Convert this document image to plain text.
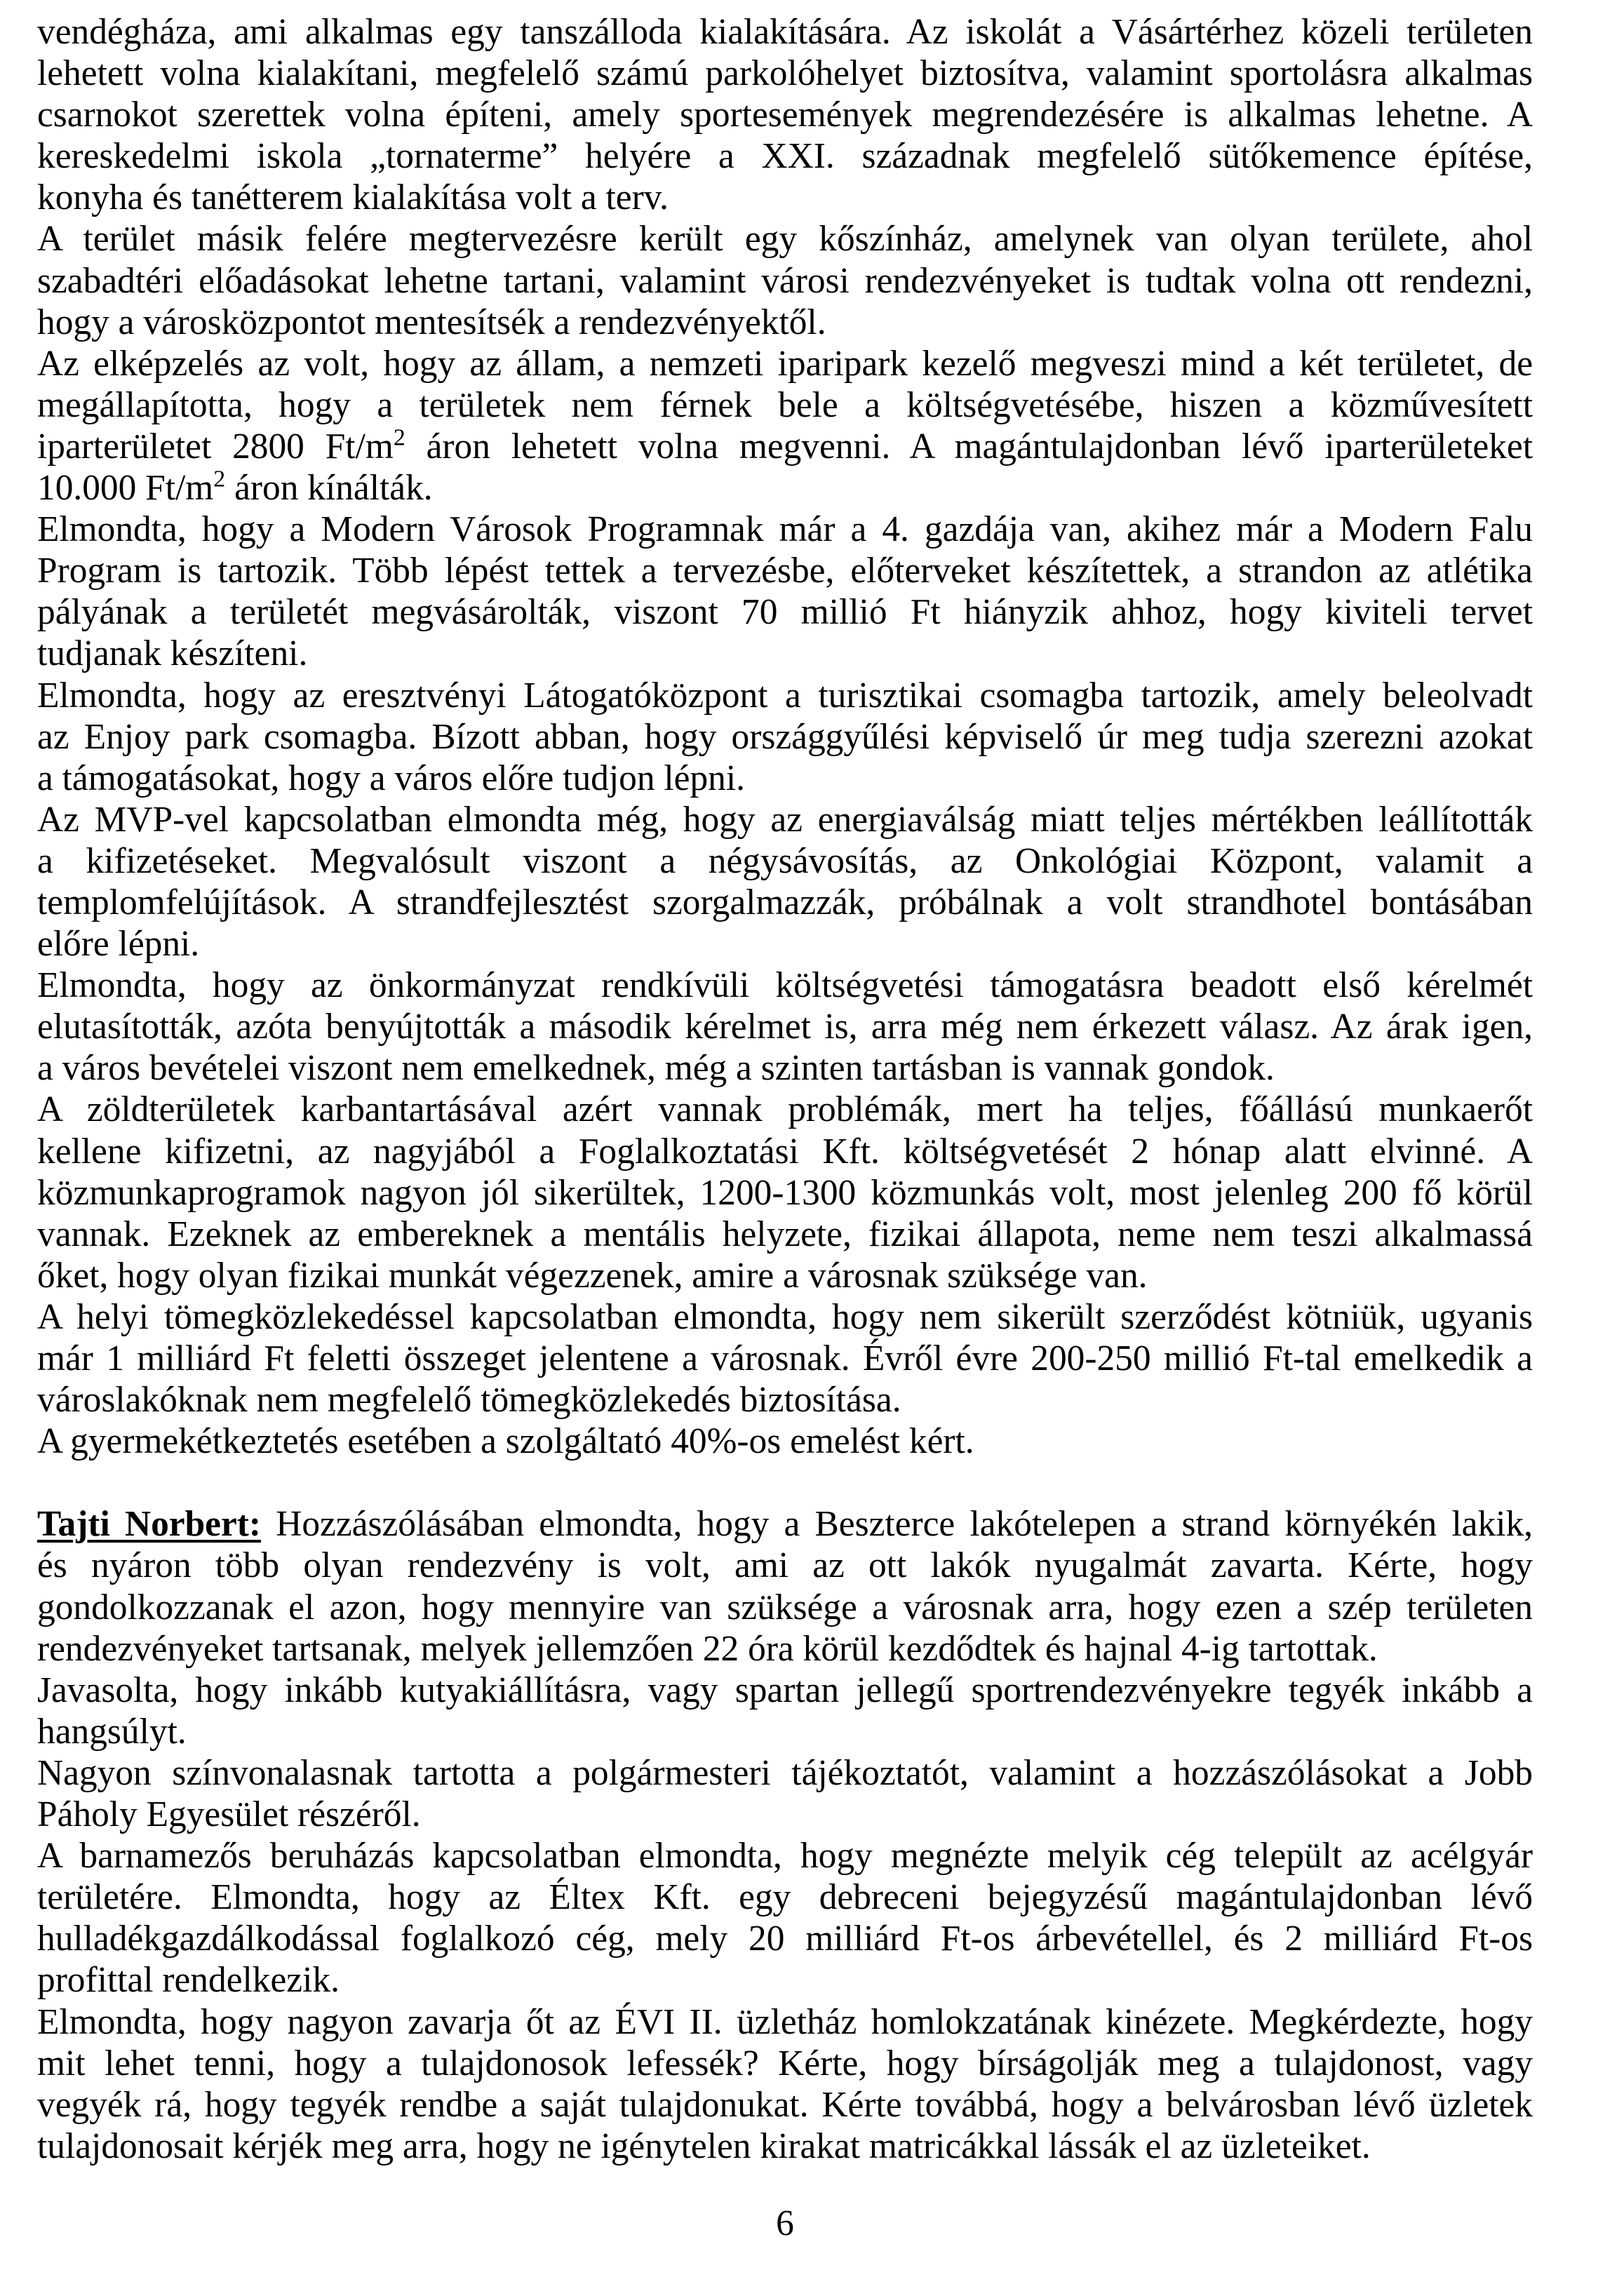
vendégháza, ami alkalmas egy tanszálloda kialakítására. Az iskolát a Vásártérhez közeli területen
lehetett volna kialakítani, megfelelő számú parkolóhelyet biztosítva, valamint sportolásra alkalmas
csarnokot szerettek volna építeni, amely sportesemények megrendezésére is alkalmas lehetne. A
kereskedelmi iskola „tornaterme” helyére a XXI. századnak megfelelő sütőkemence építése,
konyha és tanétterem kialakítása volt a terv.
A terület másik felére megtervezésre került egy kőszínház, amelynek van olyan területe, ahol
szabadtéri előadásokat lehetne tartani, valamint városi rendezvényeket is tudtak volna ott rendezni,
hogy a városközpontot mentesítsék a rendezvényektől.
Az elképzelés az volt, hogy az állam, a nemzeti iparipark kezelő megveszi mind a két területet, de
megállapította, hogy a területek nem férnek bele a költségvetésébe, hiszen a közművesített
iparterületet 2800 $Ft/m^2$ áron lehetett volna megvenni. A magántulajdonban lévő iparterületeket
10.000 $Ft/m^2$ áron kínálták.
Elmondta, hogy a Modern Városok Programnak már a 4. gazdája van, akihez már a Modern Falu
Program is tartozik. Több lépést tettek a tervezésbe, előterveket készítettek, a strandon az atlétika
pályának a területét megvásárolták, viszont 70 millió Ft hiányzik ahhoz, hogy kiviteli tervet
tudjanak készíteni.
Elmondta, hogy az eresztvényi Látogatóközpont a turisztikai csomagba tartozik, amely beleolvadt
az Enjoy park csomagba. Bízott abban, hogy országgyűlési képviselő úr meg tudja szerezni azokat
a támogatásokat, hogy a város előre tudjon lépni.
Az MVP-vel kapcsolatban elmondta még, hogy az energiaválság miatt teljes mértékben leállították
a kifizetéseket. Megvalósult viszont a négysávosítás, az Onkológiai Központ, valamit a
templomfelújítások. A strandfejlesztést szorgalmazzák, próbálnak a volt strandhotel bontásában
előre lépni.
Elmondta, hogy az önkormányzat rendkívüli költségvetési támogatásra beadott első kérelmét
elutasították, azóta benyújtották a második kérelmet is, arra még nem érkezett válasz. Az árak igen,
a város bevételei viszont nem emelkednek, még a szinten tartásban is vannak gondok.
A zöldterületek karbantartásával azért vannak problémák, mert ha teljes, főállású munkaerőt
kellene kifizetni, az nagyjából a Foglalkoztatási Kft. költségvetését 2 hónap alatt elvinné. A
közmunkaprogramok nagyon jól sikerültek, 1200-1300 közmunkás volt, most jelenleg 200 fő körül
vannak. Ezeknek az embereknek a mentális helyzete, fizikai állapota, neme nem teszi alkalmassá
őket, hogy olyan fizikai munkát végezzenek, amire a városnak szüksége van.
A helyi tömegközlekedéssel kapcsolatban elmondta, hogy nem sikerült szerződést kötniük, ugyanis
már 1 milliárd Ft feletti összeget jelentene a városnak. Évről évre 200-250 millió Ft-tal emelkedik a
városlakóknak nem megfelelő tömegközlekedés biztosítása.
A gyermekétkeztetés esetében a szolgáltató 40%-os emelést kért.
Tajti Norbert: Hozzászólásában elmondta, hogy a Beszterce lakótelepen a strand környékén lakik,
és nyáron több olyan rendezvény is volt, ami az ott lakók nyugalmát zavarta. Kérte, hogy
gondolkozzanak el azon, hogy mennyire van szüksége a városnak arra, hogy ezen a szép területen
rendezvényeket tartsanak, melyek jellemzően 22 óra körül kezdődtek és hajnal 4-ig tartottak.
Javasolta, hogy inkább kutyakiállításra, vagy spartan jellegű sportrendezvényekre tegyék inkább a
hangsúlyt.
Nagyon színvonalasnak tartotta a polgármesteri tájékoztatót, valamint a hozzászólásokat a Jobb
Páholy Egyesület részéről.
A barnamezős beruházás kapcsolatban elmondta, hogy megnézte melyik cég települt az acélgyár
területére. Elmondta, hogy az Éltex Kft. egy debreceni bejegyzésű magántulajdonban lévő
hulladékgazdálkodással foglalkozó cég, mely 20 milliárd Ft-os árbevétellel, és 2 milliárd Ft-os
profittal rendelkezik.
Elmondta, hogy nagyon zavarja őt az ÉVI II. üzletház homlokzatának kinézete. Megkérdezte, hogy
mit lehet tenni, hogy a tulajdonosok lefessék? Kérte, hogy bírságolják meg a tulajdonost, vagy
vegyék rá, hogy tegyék rendbe a saját tulajdonukat. Kérte továbbá, hogy a belvárosban lévő üzletek
tulajdonosait kérjék meg arra, hogy ne igénytelen kirakat matricákkal lássák el az üzleteiket.
6
